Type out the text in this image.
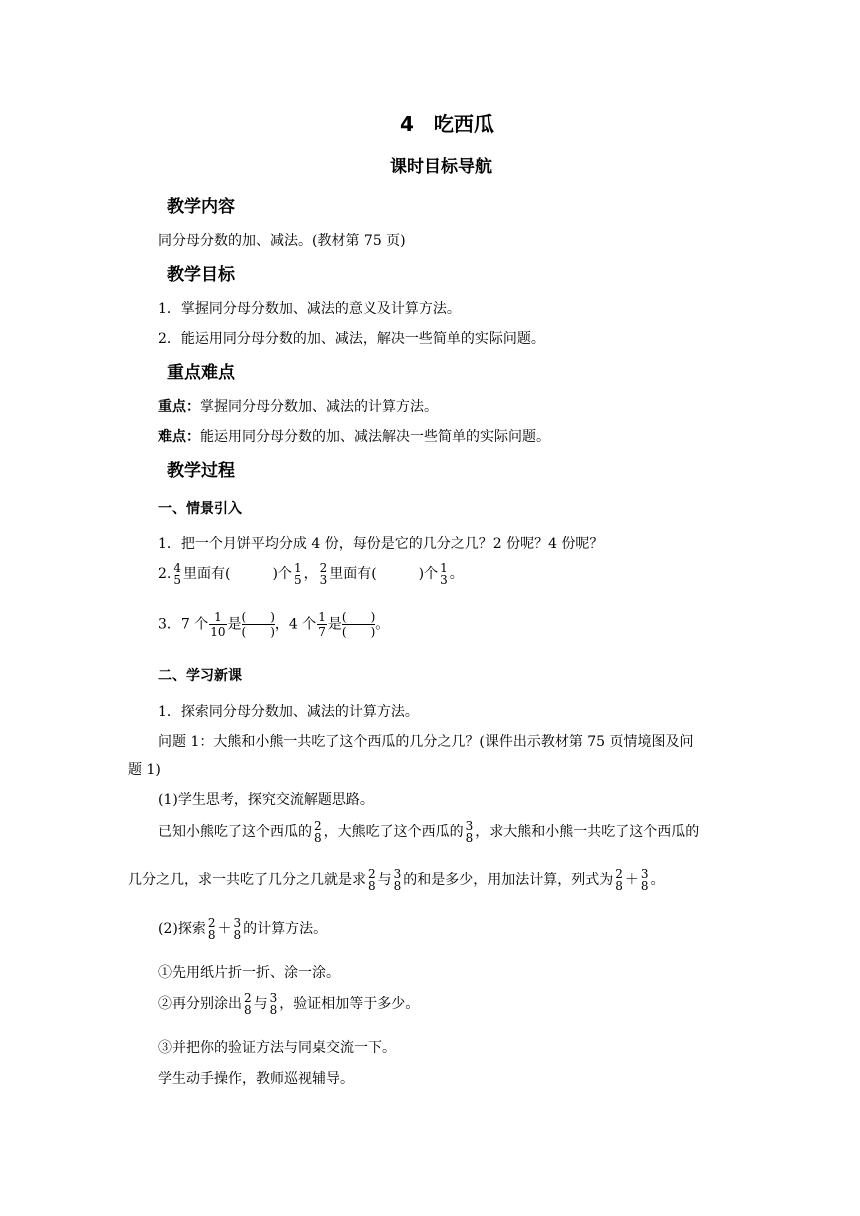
4　吃西瓜
课时目标导航
教学内容
同分母分数的加、减法。(教材第 75 页)
教学目标
1．掌握同分母分数加、减法的意义及计算方法。
2．能运用同分母分数的加、减法，解决一些简单的实际问题。
重点难点
重点：掌握同分母分数加、减法的计算方法。
难点：能运用同分母分数的加、减法解决一些简单的实际问题。
教学过程
一、情景引入
1．把一个月饼平均分成 4 份，每份是它的几分之几？2 份呢？4 份呢？
2. 4
5 里面有(　　　)个 1
5 ， 2
3 里面有(　　　)个 1
3 。
3．7 个 $\frac{1}{10}$ 是$\frac{( )}{( )}$，4 个 $\frac{1}{7}$ 是$\frac{( )}{( )}$。
二、学习新课
1．探索同分母分数加、减法的计算方法。
问题 1：大熊和小熊一共吃了这个西瓜的几分之几？(课件出示教材第 75 页情境图及问
题 1)
(1)学生思考，探究交流解题思路。
已知小熊吃了这个西瓜的 2
8 ，大熊吃了这个西瓜的 3
8 ，求大熊和小熊一共吃了这个西瓜的
几分之几，求一共吃了几分之几就是求 2
8 与 3
8 的和是多少，用加法计算，列式为 2
8 ＋ 3
8 。
(2)探索 2
8 ＋ 3
8 的计算方法。
①先用纸片折一折、涂一涂。
②再分别涂出 2
8 与 3
8 ，验证相加等于多少。
③并把你的验证方法与同桌交流一下。
学生动手操作，教师巡视辅导。
